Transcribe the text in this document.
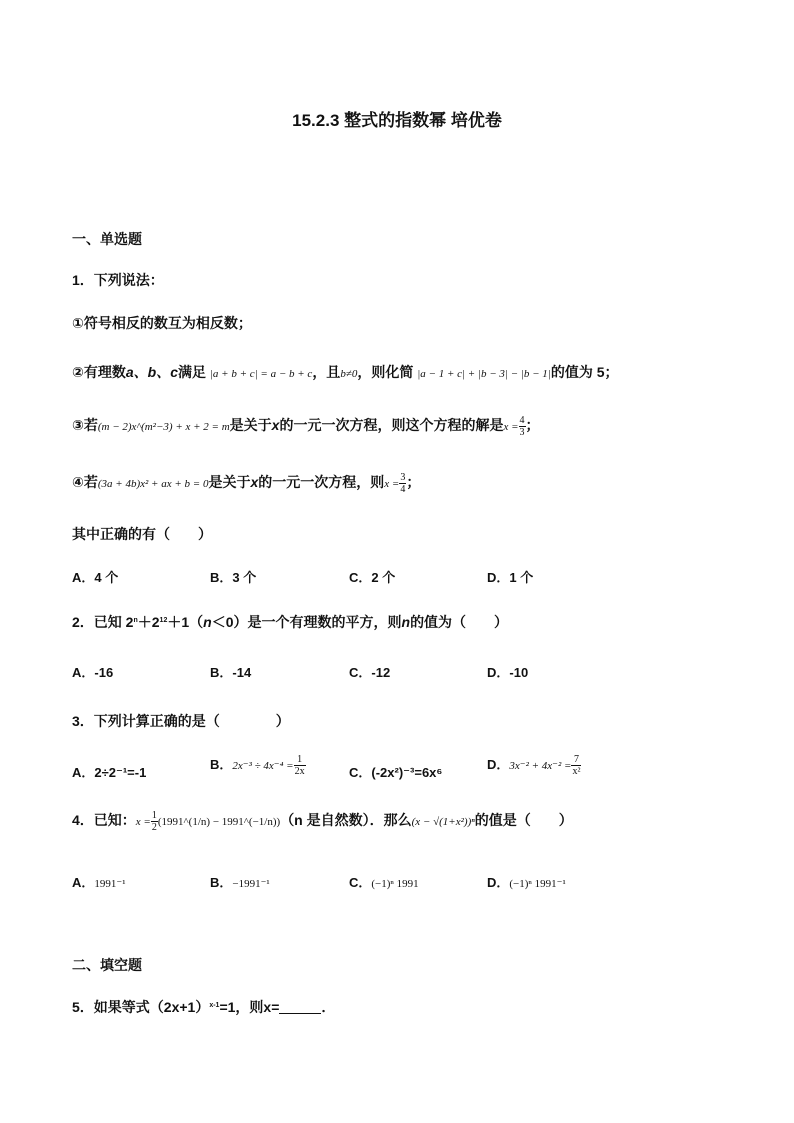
15.2.3 整式的指数幂 培优卷
一、单选题
1．下列说法：
①符号相反的数互为相反数；
②有理数a、b、c满足 |a + b + c| = a − b + c，且b≠0，则化简 |a − 1 + c| + |b − 3| − |b − 1|的值为 5；
③若(m − 2)x^(m²−3) + x + 2 = m是关于x的一元一次方程，则这个方程的解是$x = \frac{4}{3}$ ；
④若(3a + 4b)x² + ax + b = 0是关于x的一元一次方程，则$x = \frac{3}{4}$ ；
其中正确的有（　　）
A．4 个	B．3 个	C．2 个	D．1 个
2．已知 $2^n+2^{12}+1(n<0)$是一个有理数的平方，则n的值为（　　）
A．-16	B．-14	C．-12	D．-10
3．下列计算正确的是（　　　　）
A．2÷2⁻¹=-1
B．$2x^{-3} \div 4x^{-4} = \frac{1}{2x}$	C．(-2x²)⁻³=6x⁶
D．$3x^{-2} + 4x^{-2} = \frac{7}{\text{x²}}$
4．已知：$x = \frac{1}{2}$ (1991^(1/n) − 1991^(−1/n))（n 是自然数）．那么(x − √(1+x²))ⁿ的值是（　　）
A．1991⁻¹	B．−1991⁻¹	C．(−1)ⁿ 1991	D．(−1)ⁿ 1991⁻¹
二、填空题
5．如果等式$(2x+1)^{x-1}=1$，则x=	．
